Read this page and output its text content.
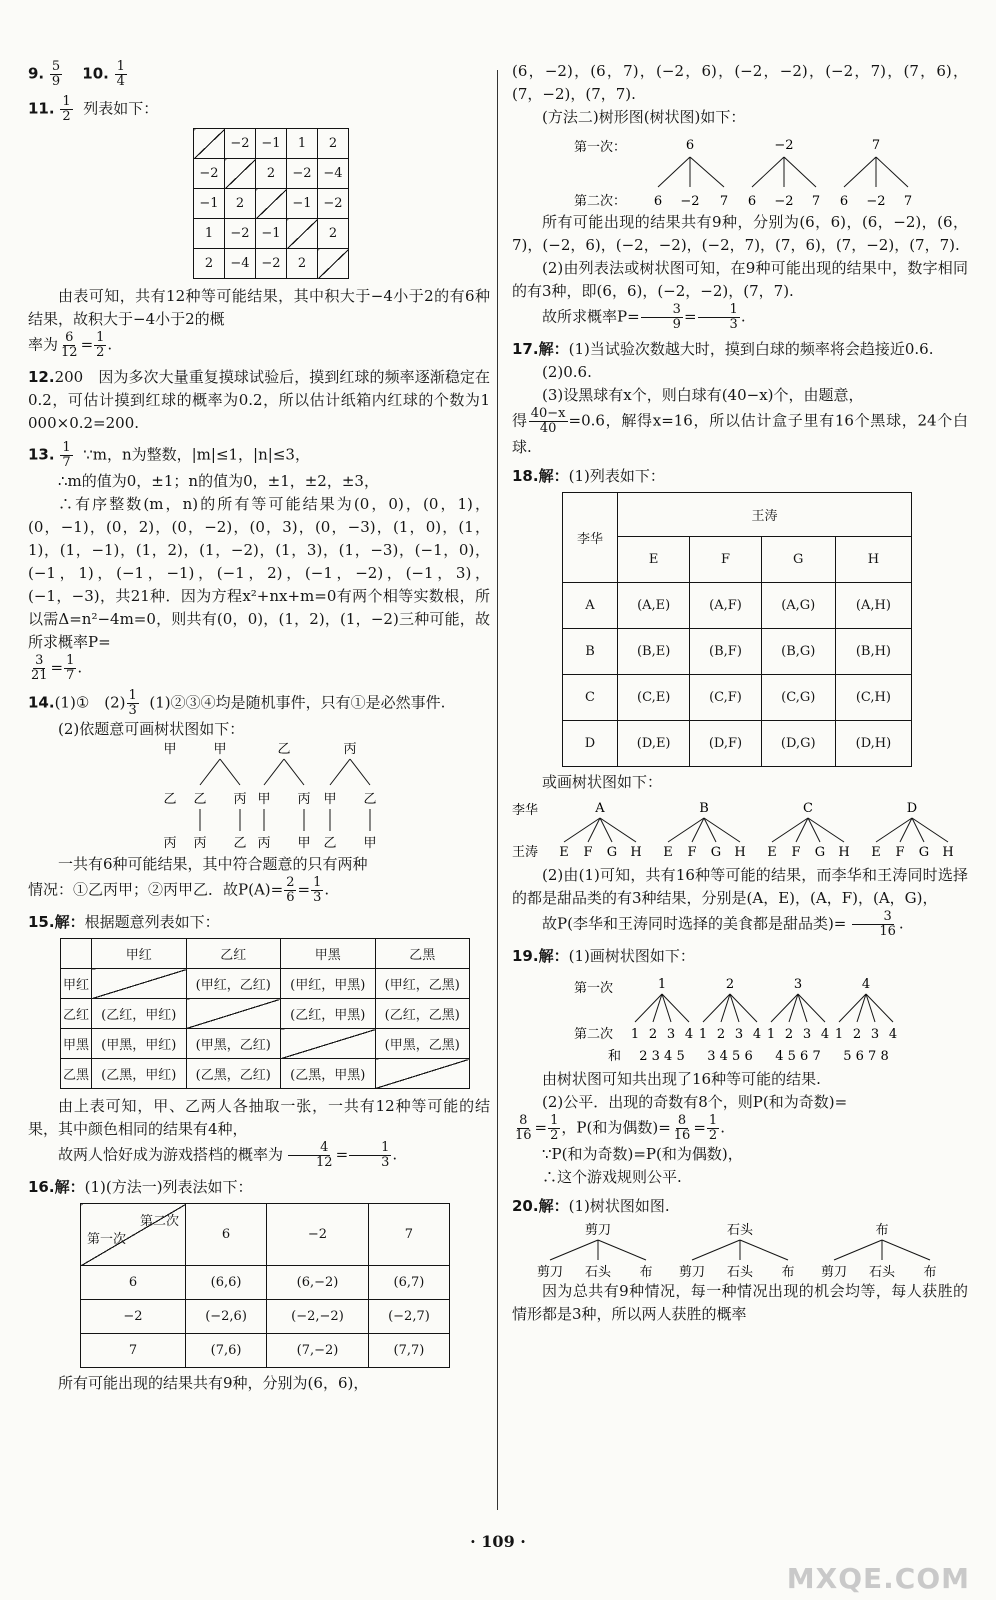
9. $\frac{5}{9} 10$. $\frac{1}{4}$

11. $\frac{1}{2}$ 列表如下：

	−2	−1	1	2
−2		2	−2	−4
−1	2		−1	−2
1	−2	−1		2
2	−4	−2	2	

由表可知，共有12种等可能结果，其中积大于−4小于2的有6种结果，故积大于−4小于2的概

率为 $\frac{6}{12} = \frac{1}{2}$ .

12.200　因为多次大量重复摸球试验后，摸到红球的频率逐渐稳定在0.2，可估计摸到红球的概率为0.2，所以估计纸箱内红球的个数为1 000×0.2=200.

13. $\frac{1}{7}$ ∵m，n为整数，|m|≤1，|n|≤3，

∴m的值为0，±1；n的值为0，±1，±2，±3，

∴有序整数(m，n)的所有等可能结果为(0，0)，(0，1)，(0，−1)，(0，2)，(0，−2)，(0，3)，(0，−3)，(1，0)，(1，1)，(1，−1)，(1，2)，(1，−2)，(1，3)，(1，−3)，(−1，0)，(−1，1)，(−1，−1)，(−1，2)，(−1，−2)，(−1，3)，(−1，−3)，共21种．因为方程x²+nx+m=0有两个相等实数根，所以需Δ=n²−4m=0，则共有(0，0)，(1，2)，(1，−2)三种可能，故所求概率P=

$\frac{3}{21} = \frac{1}{7}$ .

14.(1)①　$(2) \frac{1}{3}$ (1)②③④均是随机事件，只有①是必然事件.

(2)依题意可画树状图如下：

甲	甲	乙	丙
乙 乙 丙 甲 丙 甲 乙
丙 丙 乙 丙 甲 乙 甲

一共有6种可能结果，其中符合题意的只有两种

情况：①乙丙甲；②丙甲乙．故$P(A)= \frac{2}{6} = \frac{1}{3}$ .

15.解：根据题意列表如下：

	甲红	乙红	甲黑	乙黑
甲红		(甲红，乙红)	(甲红，甲黑)	(甲红，乙黑)
乙红	(乙红，甲红)		(乙红，甲黑)	(乙红，乙黑)
甲黑	(甲黑，甲红)	(甲黑，乙红)		(甲黑，乙黑)
乙黑	(乙黑，甲红)	(乙黑，乙红)	(乙黑，甲黑)	

由上表可知，甲、乙两人各抽取一张，一共有12种等可能的结果，其中颜色相同的结果有4种，

故两人恰好成为游戏搭档的概率为 $\frac{4}{12} = \frac{1}{3}$ .

16.解：(1)(方法一)列表法如下：

第二次
第一次	6	−2	7
6	(6,6)	(6,−2)	(6,7)
−2	(−2,6)	(−2,−2)	(−2,7)
7	(7,6)	(7,−2)	(7,7)

所有可能出现的结果共有9种，分别为(6，6)，

(6，−2)，(6，7)，(−2，6)，(−2，−2)，(−2，7)，(7，6)，(7，−2)，(7，7).

(方法二)树形图(树状图)如下：

第一次：
第二次：
6	−2	7
6 −2 7 6 −2 7 6 −2 7

所有可能出现的结果共有9种，分别为(6，6)，(6，−2)，(6，7)，(−2，6)，(−2，−2)，(−2，7)，(7，6)，(7，−2)，(7，7).

(2)由列表法或树状图可知，在9种可能出现的结果中，数字相同的有3种，即(6，6)，(−2，−2)，(7，7).

故所求概率$P= \frac{3}{9} = \frac{1}{3}$ .

17.解：(1)当试验次数越大时，摸到白球的频率将会趋接近0.6.

(2)0.6.

(3)设黑球有x个，则白球有(40−x)个，由题意，

得 $\frac{40-x}{40} =0.6$，解得x=16，所以估计盒子里有16个黑球，24个白球.

18.解：(1)列表如下：

李华	王涛			
	E	F	G	H
A	(A,E)	(A,F)	(A,G)	(A,H)
B	(B,E)	(B,F)	(B,G)	(B,H)
C	(C,E)	(C,F)	(C,G)	(C,H)
D	(D,E)	(D,F)	(D,G)	(D,H)

或画树状图如下：

李华
王涛
A
E F G H
B
E F G H
C
E F G H
D
E F G H

(2)由(1)可知，共有16种等可能的结果，而李华和王涛同时选择的都是甜品类的有3种结果，分别是(A，E)，(A，F)，(A，G)，

故P(李华和王涛同时选择的美食都是甜品类)= $\frac{3}{16}$ .

19.解：(1)画树状图如下：

第一次
第二次
和
1
1 2 3 4
2 3 4 5
2
1 2 3 4
3 4 5 6
3
1 2 3 4
4 5 6 7
4
1 2 3 4
5 6 7 8

由树状图可知共出现了16种等可能的结果.

(2)公平．出现的奇数有8个，则P(和为奇数)=

$\frac{8}{16} = \frac{1}{2}$ ，P(和为偶数)= $\frac{8}{16} = \frac{1}{2}$ .

∵P(和为奇数)=P(和为偶数)，

∴这个游戏规则公平.

20.解：(1)树状图如图.

剪刀
剪刀 石头 布
石头
剪刀 石头 布
布
剪刀 石头 布

因为总共有9种情况，每一种情况出现的机会均等，每人获胜的情形都是3种，所以两人获胜的概率

· 109 ·
MXQE.COM
